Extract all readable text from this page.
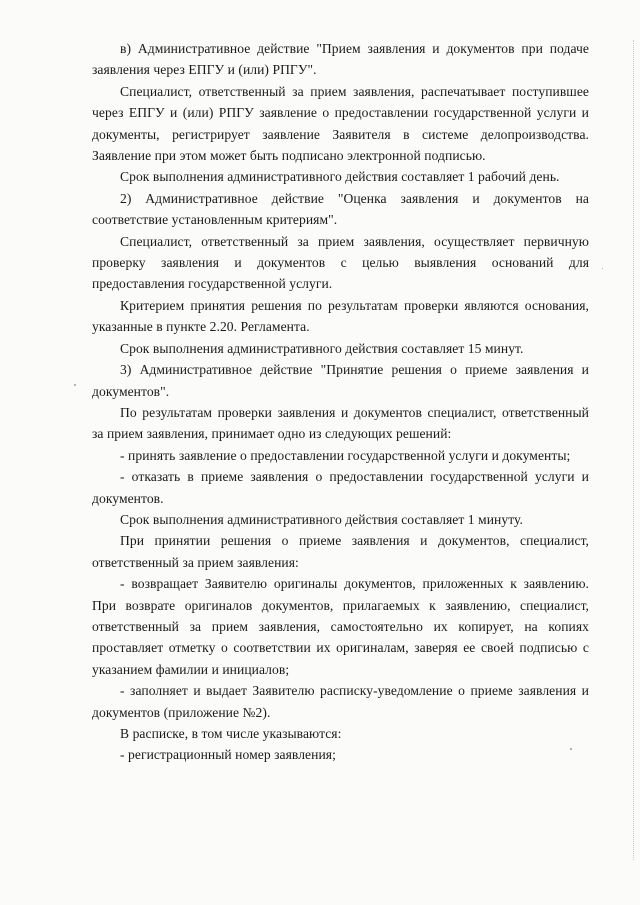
в) Административное действие "Прием заявления и документов при подаче заявления через ЕПГУ и (или) РПГУ".

Специалист, ответственный за прием заявления, распечатывает поступившее через ЕПГУ и (или) РПГУ заявление о предоставлении государственной услуги и документы, регистрирует заявление Заявителя в системе делопроизводства. Заявление при этом может быть подписано электронной подписью.

Срок выполнения административного действия составляет 1 рабочий день.

2) Административное действие "Оценка заявления и документов на соответствие установленным критериям".

Специалист, ответственный за прием заявления, осуществляет первичную проверку заявления и документов с целью выявления оснований для предоставления государственной услуги.

Критерием принятия решения по результатам проверки являются основания, указанные в пункте 2.20. Регламента.

Срок выполнения административного действия составляет 15 минут.

3) Административное действие "Принятие решения о приеме заявления и документов".

По результатам проверки заявления и документов специалист, ответственный за прием заявления, принимает одно из следующих решений:

- принять заявление о предоставлении государственной услуги и документы;

- отказать в приеме заявления о предоставлении государственной услуги и документов.

Срок выполнения административного действия составляет 1 минуту.

При принятии решения о приеме заявления и документов, специалист, ответственный за прием заявления:

- возвращает Заявителю оригиналы документов, приложенных к заявлению. При возврате оригиналов документов, прилагаемых к заявлению, специалист, ответственный за прием заявления, самостоятельно их копирует, на копиях проставляет отметку о соответствии их оригиналам, заверяя ее своей подписью с указанием фамилии и инициалов;

- заполняет и выдает Заявителю расписку-уведомление о приеме заявления и документов (приложение №2).

В расписке, в том числе указываются:

- регистрационный номер заявления;
